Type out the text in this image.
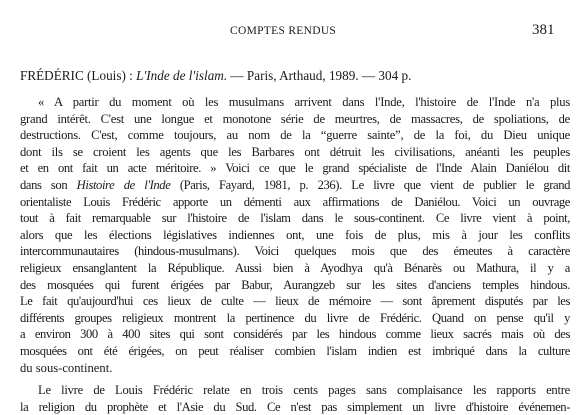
COMPTES RENDUS	381
FRÉDÉRIC (Louis) : L'Inde de l'islam. — Paris, Arthaud, 1989. — 304 p.
« A partir du moment où les musulmans arrivent dans l'Inde, l'histoire de l'Inde n'a plus
grand intérêt. C'est une longue et monotone série de meurtres, de massacres, de spoliations, de
destructions. C'est, comme toujours, au nom de la “guerre sainte”, de la foi, du Dieu unique
dont ils se croient les agents que les Barbares ont détruit les civilisations, anéanti les peuples
et en ont fait un acte méritoire. » Voici ce que le grand spécialiste de l'Inde Alain Daniélou dit
dans son Histoire de l'Inde (Paris, Fayard, 1981, p. 236). Le livre que vient de publier le grand
orientaliste Louis Frédéric apporte un démenti aux affirmations de Daniélou. Voici un ouvrage
tout à fait remarquable sur l'histoire de l'islam dans le sous-continent. Ce livre vient à point,
alors que les élections législatives indiennes ont, une fois de plus, mis à jour les conflits
intercommunautaires (hindous-musulmans). Voici quelques mois que des émeutes à caractère
religieux ensanglantent la République. Aussi bien à Ayodhya qu'à Bénarès ou Mathura, il y a
des mosquées qui furent érigées par Babur, Aurangzeb sur les sites d'anciens temples hindous.
Le fait qu'aujourd'hui ces lieux de culte — lieux de mémoire — sont âprement disputés par les
différents groupes religieux montrent la pertinence du livre de Frédéric. Quand on pense qu'il y
a environ 300 à 400 sites qui sont considérés par les hindous comme lieux sacrés mais où des
mosquées ont été érigées, on peut réaliser combien l'islam indien est imbriqué dans la culture
du sous-continent.
Le livre de Louis Frédéric relate en trois cents pages sans complaisance les rapports entre
la religion du prophète et l'Asie du Sud. Ce n'est pas simplement un livre d'histoire événemen-
